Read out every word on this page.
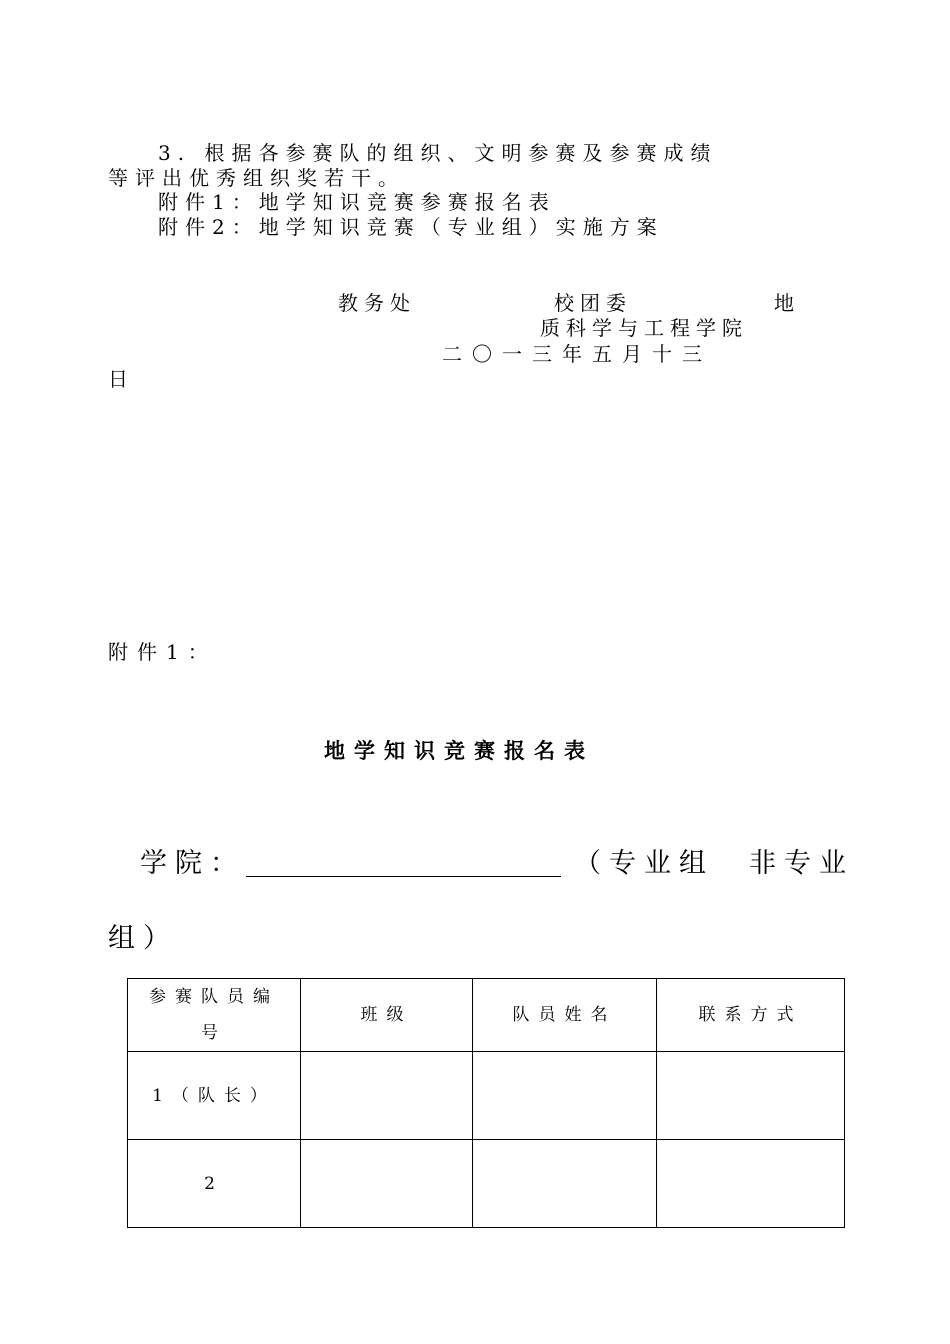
3. 根据各参赛队的组织、文明参赛及参赛成绩
等评出优秀组织奖若干。
附件1：地学知识竞赛参赛报名表
附件2：地学知识竞赛（专业组）实施方案
教务处	校团委	地
质科学与工程学院
二〇一三年五月十三
日
附件1：
地学知识竞赛报名表
学院：	（专业组　非专业
组）
参赛队员编号	班级	队员姓名	联系方式
1（队长）			
2			
